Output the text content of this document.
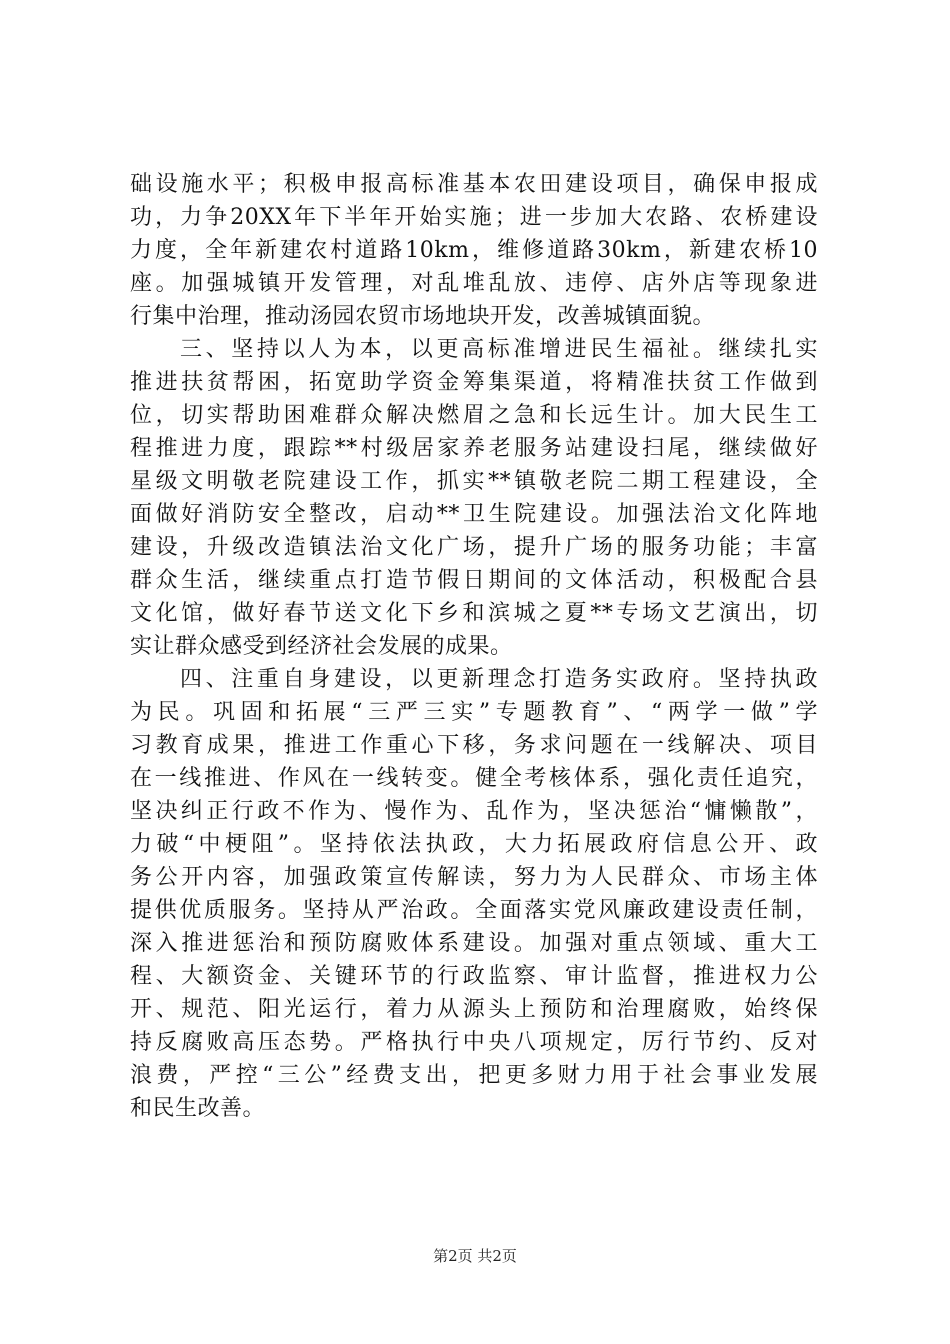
础设施水平；积极申报高标准基本农田建设项目，确保申报成
功，力争20XX年下半年开始实施；进一步加大农路、农桥建设
力度，全年新建农村道路10km，维修道路30km，新建农桥10
座。加强城镇开发管理，对乱堆乱放、违停、店外店等现象进
行集中治理，推动汤园农贸市场地块开发，改善城镇面貌。
三、坚持以人为本，以更高标准增进民生福祉。继续扎实
推进扶贫帮困，拓宽助学资金筹集渠道，将精准扶贫工作做到
位，切实帮助困难群众解决燃眉之急和长远生计。加大民生工
程推进力度，跟踪**村级居家养老服务站建设扫尾，继续做好
星级文明敬老院建设工作，抓实**镇敬老院二期工程建设，全
面做好消防安全整改，启动**卫生院建设。加强法治文化阵地
建设，升级改造镇法治文化广场，提升广场的服务功能；丰富
群众生活，继续重点打造节假日期间的文体活动，积极配合县
文化馆，做好春节送文化下乡和滨城之夏**专场文艺演出，切
实让群众感受到经济社会发展的成果。
四、注重自身建设，以更新理念打造务实政府。坚持执政
为民。巩固和拓展“三严三实”专题教育”、“两学一做”学
习教育成果，推进工作重心下移，务求问题在一线解决、项目
在一线推进、作风在一线转变。健全考核体系，强化责任追究，
坚决纠正行政不作为、慢作为、乱作为，坚决惩治“慵懒散”，
力破“中梗阻”。坚持依法执政，大力拓展政府信息公开、政
务公开内容，加强政策宣传解读，努力为人民群众、市场主体
提供优质服务。坚持从严治政。全面落实党风廉政建设责任制，
深入推进惩治和预防腐败体系建设。加强对重点领域、重大工
程、大额资金、关键环节的行政监察、审计监督，推进权力公
开、规范、阳光运行，着力从源头上预防和治理腐败，始终保
持反腐败高压态势。严格执行中央八项规定，厉行节约、反对
浪费，严控“三公”经费支出，把更多财力用于社会事业发展
和民生改善。
第2页 共2页
